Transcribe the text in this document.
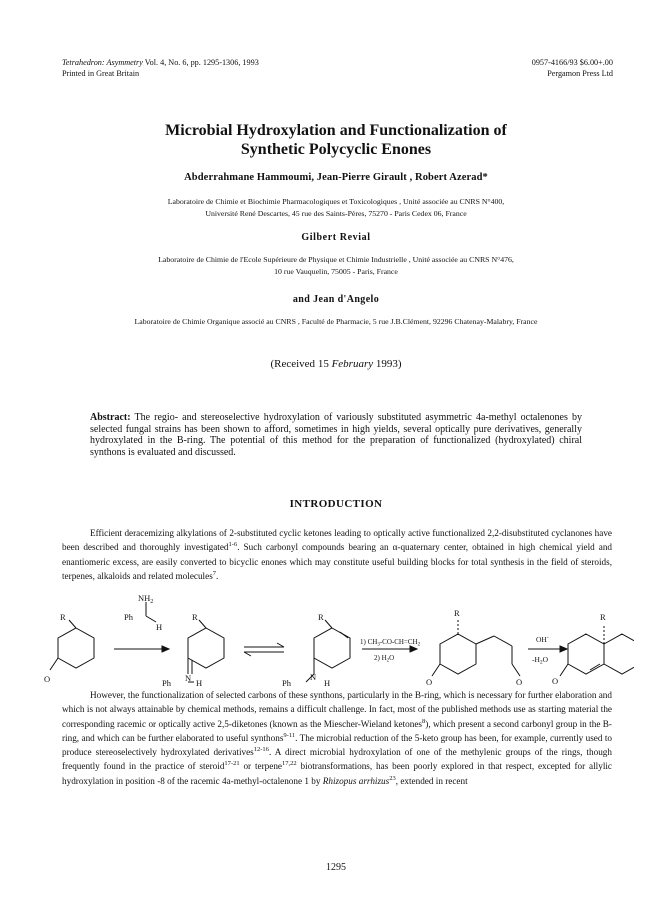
Tetrahedron: Asymmetry Vol. 4, No. 6, pp. 1295-1306, 1993
Printed in Great Britain
0957-4166/93 $6.00+.00
Pergamon Press Ltd
Microbial Hydroxylation and Functionalization of
Synthetic Polycyclic Enones
Abderrahmane Hammoumi, Jean-Pierre Girault , Robert Azerad*
Laboratoire de Chimie et Biochimie Pharmacologiques et Toxicologiques , Unité associée au CNRS N°400,
Université René Descartes, 45 rue des Saints-Pères, 75270 - Paris Cedex 06, France
Gilbert Revial
Laboratoire de Chimie de l'Ecole Supérieure de Physique et Chimie Industrielle , Unité associée au CNRS N°476,
10 rue Vauquelin, 75005 - Paris, France
and Jean d'Angelo
Laboratoire de Chimie Organique associé au CNRS , Faculté de Pharmacie, 5 rue J.B.Clément, 92296 Chatenay-Malabry, France
(Received 15 February 1993)
Abstract: The regio- and stereoselective hydroxylation of variously substituted asymmetric 4a-methyl octalenones by selected fungal strains has been shown to afford, sometimes in high yields, several optically pure derivatives, generally hydroxylated in the B-ring. The potential of this method for the preparation of functionalized (hydroxylated) chiral synthons is evaluated and discussed.
INTRODUCTION
Efficient deracemizing alkylations of 2-substituted cyclic ketones leading to optically active functionalized 2,2-disubstituted cyclanones have been described and thoroughly investigated$^{1-6}$. Such carbonyl compounds bearing an α-quaternary center, obtained in high chemical yield and enantiomeric excess, are easily converted to bicyclic enones which may constitute useful building blocks for total synthesis in the field of steroids, terpenes, alkaloids and related molecules$^7$.
$NH_2$
Ph
H
R
O
R
N
Ph	H
R
N
Ph	H
1) $CH_3-CO-CH=CH_2$
2) $H_2O$
R
O	O
OH-
$-H_2O$
R
O
However, the functionalization of selected carbons of these synthons, particularly in the B-ring, which is necessary for further elaboration and which is not always attainable by chemical methods, remains a difficult challenge. In fact, most of the published methods use as starting material the corresponding racemic or optically active 2,5-diketones (known as the Miescher-Wieland ketones$^8$), which present a second carbonyl group in the B-ring, and which can be further elaborated to useful synthons$^{9-11}$. The microbial reduction of the 5-keto group has been, for example, currently used to produce stereoselectively hydroxylated derivatives$^{12-16}$. A direct microbial hydroxylation of one of the methylenic groups of the rings, though frequently found in the practice of steroid$^{17-21}$ or terpene$^{17,22}$ biotransformations, has been poorly explored in that respect, excepted for allylic hydroxylation in position -8 of the racemic 4a-methyl-octalenone 1 by Rhizopus arrhizus$^{23}$, extended in recent
1295
